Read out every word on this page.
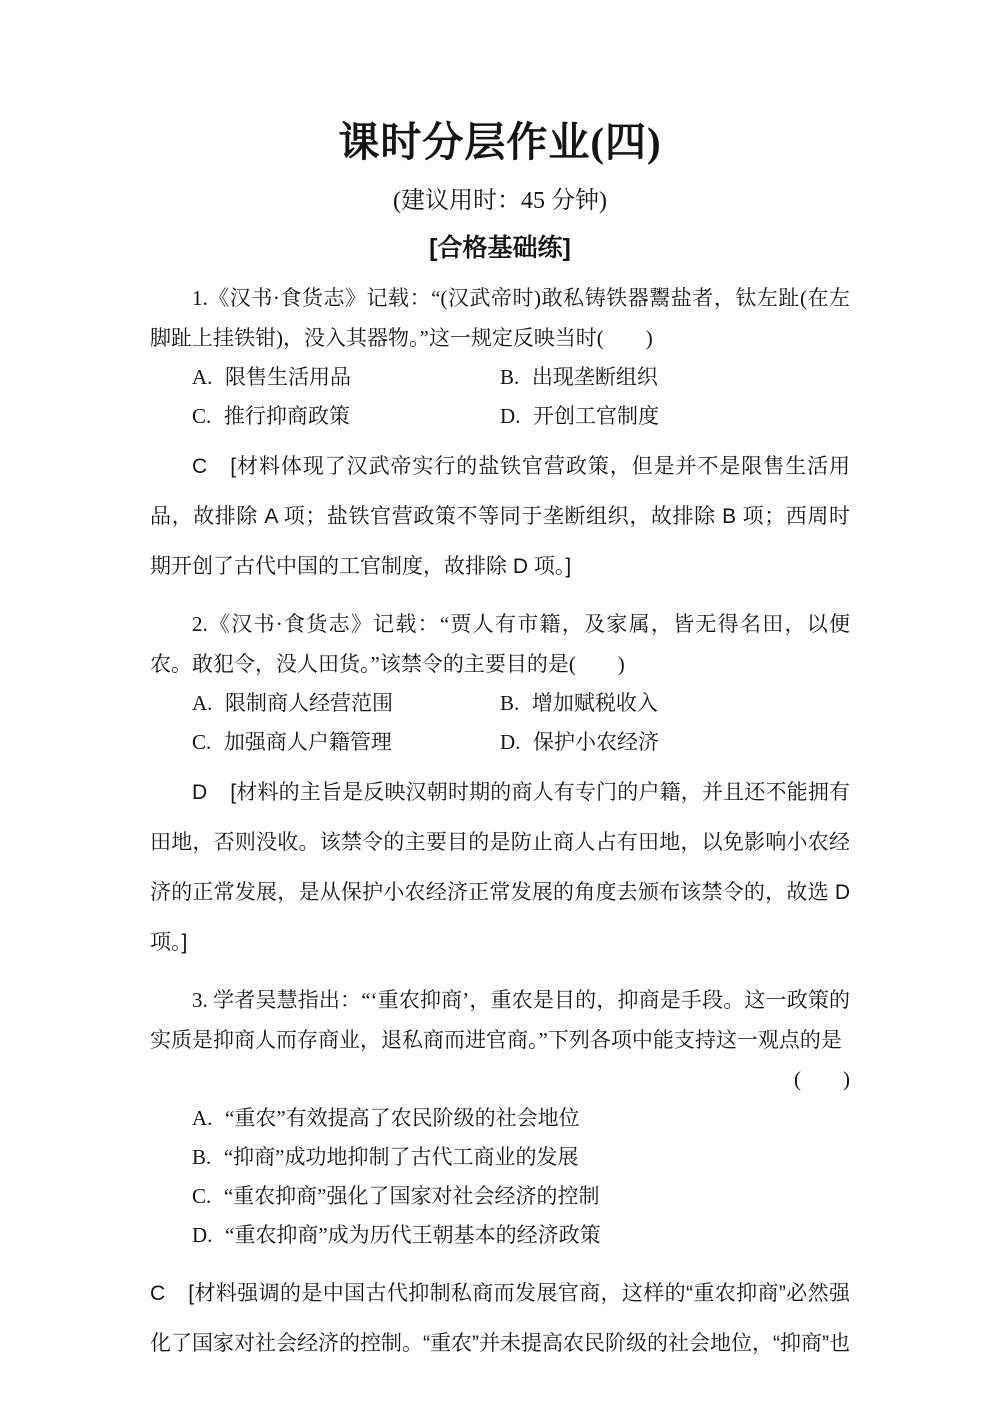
课时分层作业(四)
(建议用时：45 分钟)
[合格基础练]

1.《汉书·食货志》记载：“(汉武帝时)敢私铸铁器鬻盐者，钛左趾(在左脚趾上挂铁钳)，没入其器物。”这一规定反映当时(　　)

A. 限售生活用品	B. 出现垄断组织
C. 推行抑商政策	D. 开创工官制度

C [材料体现了汉武帝实行的盐铁官营政策，但是并不是限售生活用品，故排除 A 项；盐铁官营政策不等同于垄断组织，故排除 B 项；西周时期开创了古代中国的工官制度，故排除 D 项。]

2.《汉书·食货志》记载：“贾人有市籍，及家属，皆无得名田，以便农。敢犯令，没人田货。”该禁令的主要目的是(　　)

A. 限制商人经营范围	B. 增加赋税收入
C. 加强商人户籍管理	D. 保护小农经济

D [材料的主旨是反映汉朝时期的商人有专门的户籍，并且还不能拥有田地，否则没收。该禁令的主要目的是防止商人占有田地，以免影响小农经济的正常发展，是从保护小农经济正常发展的角度去颁布该禁令的，故选 D 项。]

3. 学者吴慧指出：“‘重农抑商’，重农是目的，抑商是手段。这一政策的实质是抑商人而存商业，退私商而进官商。”下列各项中能支持这一观点的是

(　　)
A. “重农”有效提高了农民阶级的社会地位
B. “抑商”成功地抑制了古代工商业的发展
C. “重农抑商”强化了国家对社会经济的控制
D. “重农抑商”成为历代王朝基本的经济政策

C [材料强调的是中国古代抑制私商而发展官商，这样的“重农抑商”必然强化了国家对社会经济的控制。“重农”并未提高农民阶级的社会地位，“抑商”也
